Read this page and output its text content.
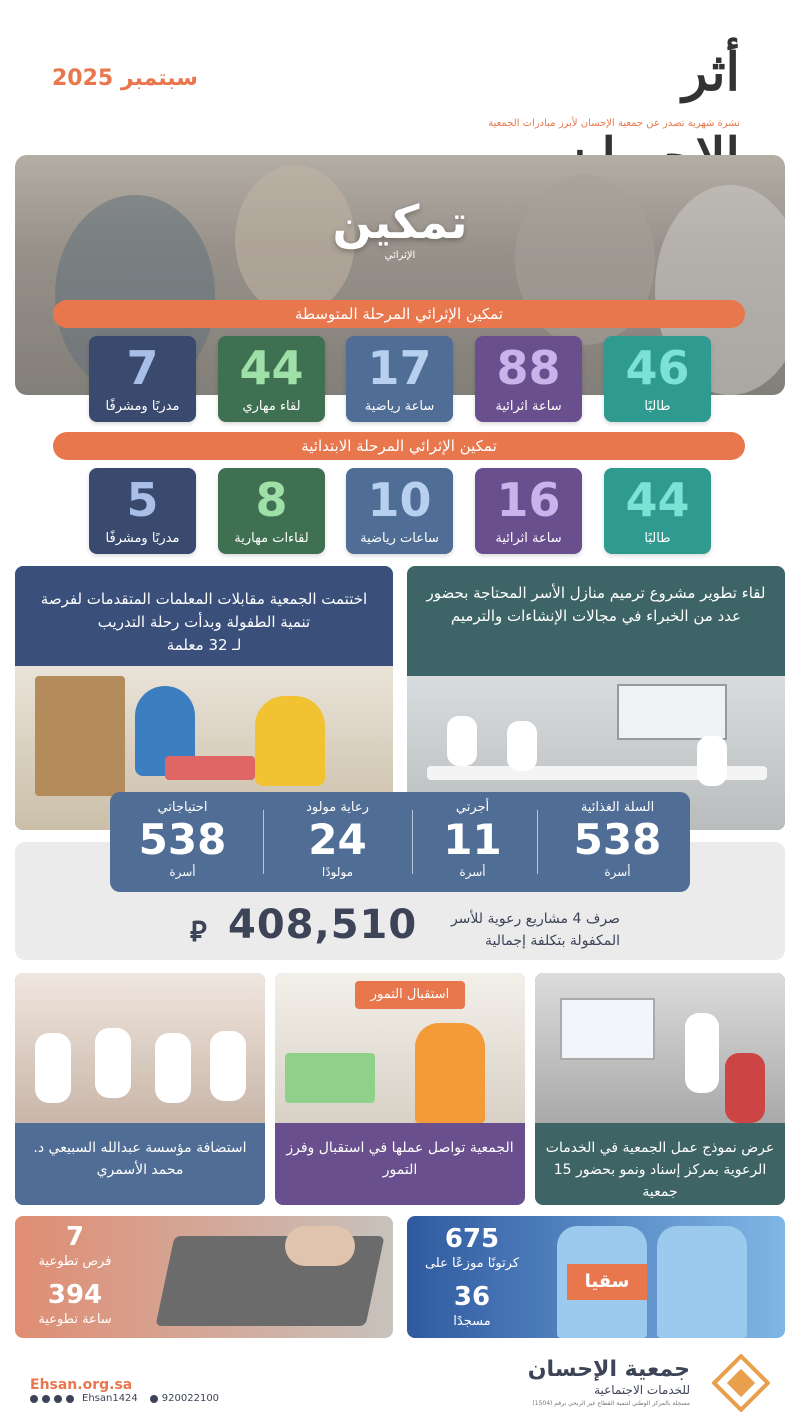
سبتمبر 2025	أثر
نشرة شهرية تصدر عن جمعية الإحسان لأبرز مبادرات الجمعية
تمكين
الإثرائي
تمكين الإثرائي المرحلة المتوسطة
46
طالبًا
88
ساعة اثرائية
17
ساعة رياضية
44
لقاء مهاري
7
مدربًا ومشرفًا
تمكين الإثرائي المرحلة الابتدائية
44
طالبًا
16
ساعة اثرائية
10
ساعات رياضية
8
لقاءات مهارية
5
مدربًا ومشرفًا
لقاء تطوير مشروع ترميم منازل الأسر المحتاجة بحضور عدد من الخبراء في مجالات الإنشاءات والترميم
اختتمت الجمعية مقابلات المعلمات المتقدمات لفرصة تنمية الطفولة وبدأت رحلة التدريب
لـ 32 معلمة
السلة الغذائية
538
أسرة
أجرتي
11
أسرة
رعاية مولود
24
مولودًا
احتياجاتي
538
أسرة
صرف 4 مشاريع رعوية للأسر المكفولة بتكلفة إجمالية
408,510
⃁
عرض نموذج عمل الجمعية في الخدمات الرعوية بمركز إسناد ونمو بحضور 15 جمعية
استقبال التمور
الجمعية تواصل عملها في استقبال وفرز التمور
استضافة مؤسسة عبدالله السبيعي د. محمد الأسمري
سقيا
675
كرتونًا موزعًا على
36
مسجدًا
7
فرص تطوعية
394
ساعة تطوعية
Ehsan.org.sa
Ehsan1424 920022100
جمعية الإحسان
للخدمات الاجتماعية
مسجلة بالمركز الوطني لتنمية القطاع غير الربحي برقم (1504)
